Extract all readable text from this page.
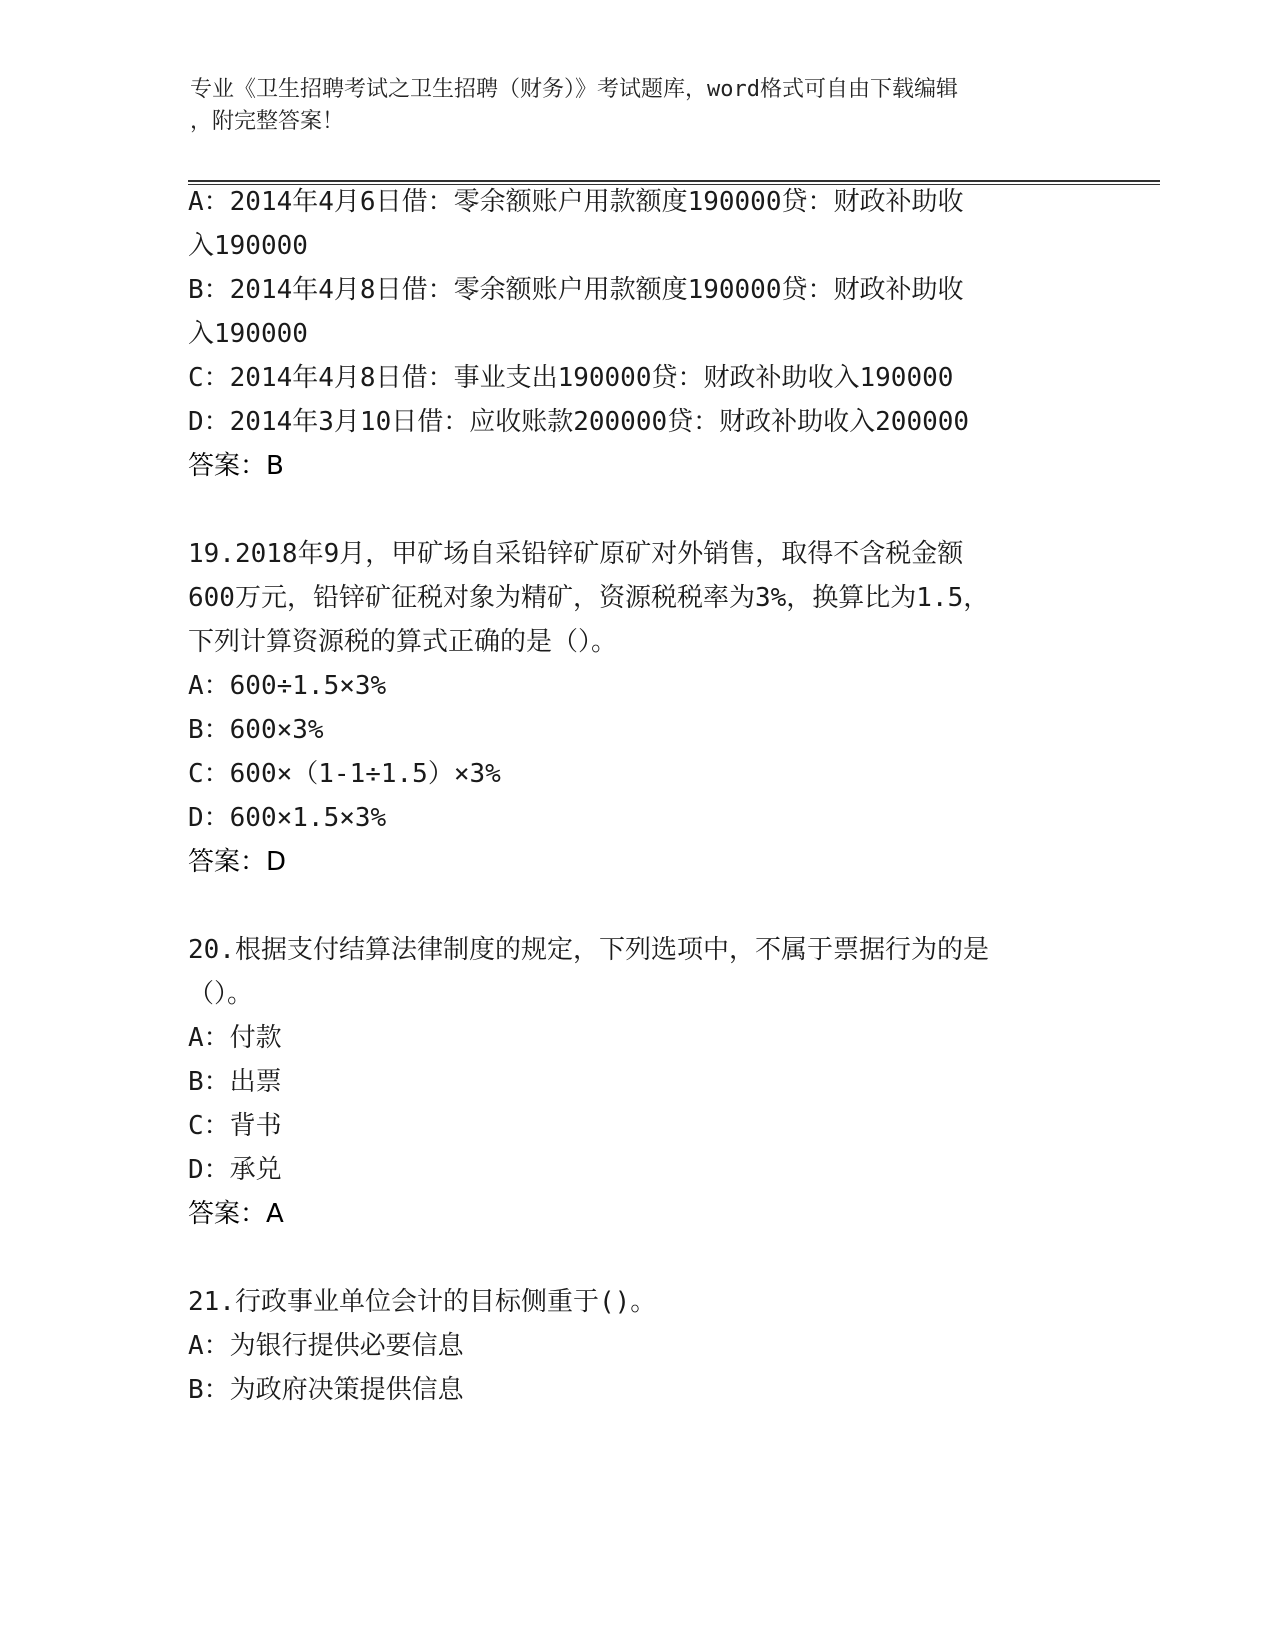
专业《卫生招聘考试之卫生招聘（财务）》考试题库，word格式可自由下载编辑
，附完整答案！
A：2014年4月6日借：零余额账户用款额度190000贷：财政补助收
入190000
B：2014年4月8日借：零余额账户用款额度190000贷：财政补助收
入190000
C：2014年4月8日借：事业支出190000贷：财政补助收入190000
D：2014年3月10日借：应收账款200000贷：财政补助收入200000
答案：B
19.2018年9月，甲矿场自采铅锌矿原矿对外销售，取得不含税金额
600万元，铅锌矿征税对象为精矿，资源税税率为3%，换算比为1.5，
下列计算资源税的算式正确的是（）。
A：600÷1.5×3%
B：600×3%
C：600×（1-1÷1.5）×3%
D：600×1.5×3%
答案：D
20.根据支付结算法律制度的规定，下列选项中，不属于票据行为的是
（）。
A：付款
B：出票
C：背书
D：承兑
答案：A
21.行政事业单位会计的目标侧重于()。
A：为银行提供必要信息
B：为政府决策提供信息
